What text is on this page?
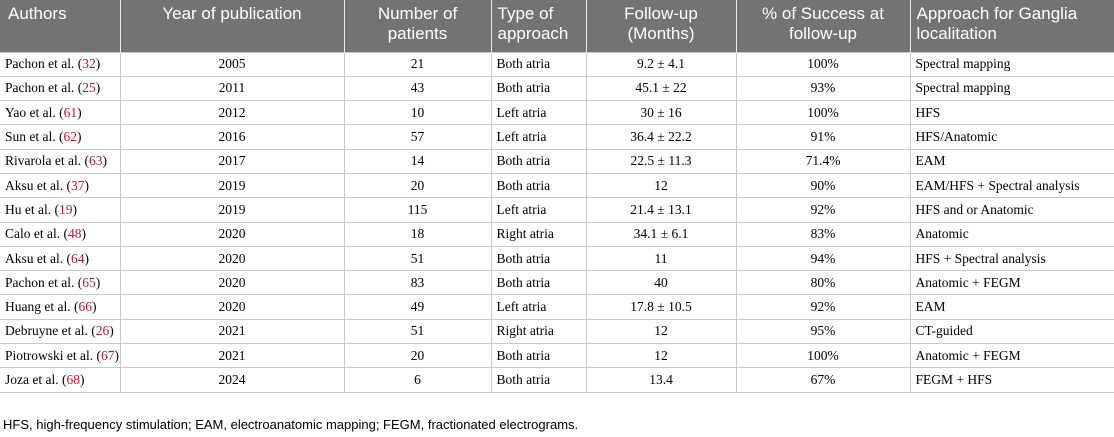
Authors	Year of publication	Number of patients	Type of approach	Follow-up (Months)	% of Success at follow-up	Approach for Ganglia localitation
Pachon et al. (32)	2005	21	Both atria	9.2 ± 4.1	100%	Spectral mapping
Pachon et al. (25)	2011	43	Both atria	45.1 ± 22	93%	Spectral mapping
Yao et al. (61)	2012	10	Left atria	30 ± 16	100%	HFS
Sun et al. (62)	2016	57	Left atria	36.4 ± 22.2	91%	HFS/Anatomic
Rivarola et al. (63)	2017	14	Both atria	22.5 ± 11.3	71.4%	EAM
Aksu et al. (37)	2019	20	Both atria	12	90%	EAM/HFS + Spectral analysis
Hu et al. (19)	2019	115	Left atria	21.4 ± 13.1	92%	HFS and or Anatomic
Calo et al. (48)	2020	18	Right atria	34.1 ± 6.1	83%	Anatomic
Aksu et al. (64)	2020	51	Both atria	11	94%	HFS + Spectral analysis
Pachon et al. (65)	2020	83	Both atria	40	80%	Anatomic + FEGM
Huang et al. (66)	2020	49	Left atria	17.8 ± 10.5	92%	EAM
Debruyne et al. (26)	2021	51	Right atria	12	95%	CT-guided
Piotrowski et al. (67)	2021	20	Both atria	12	100%	Anatomic + FEGM
Joza et al. (68)	2024	6	Both atria	13.4	67%	FEGM + HFS
HFS, high-frequency stimulation; EAM, electroanatomic mapping; FEGM, fractionated electrograms.
